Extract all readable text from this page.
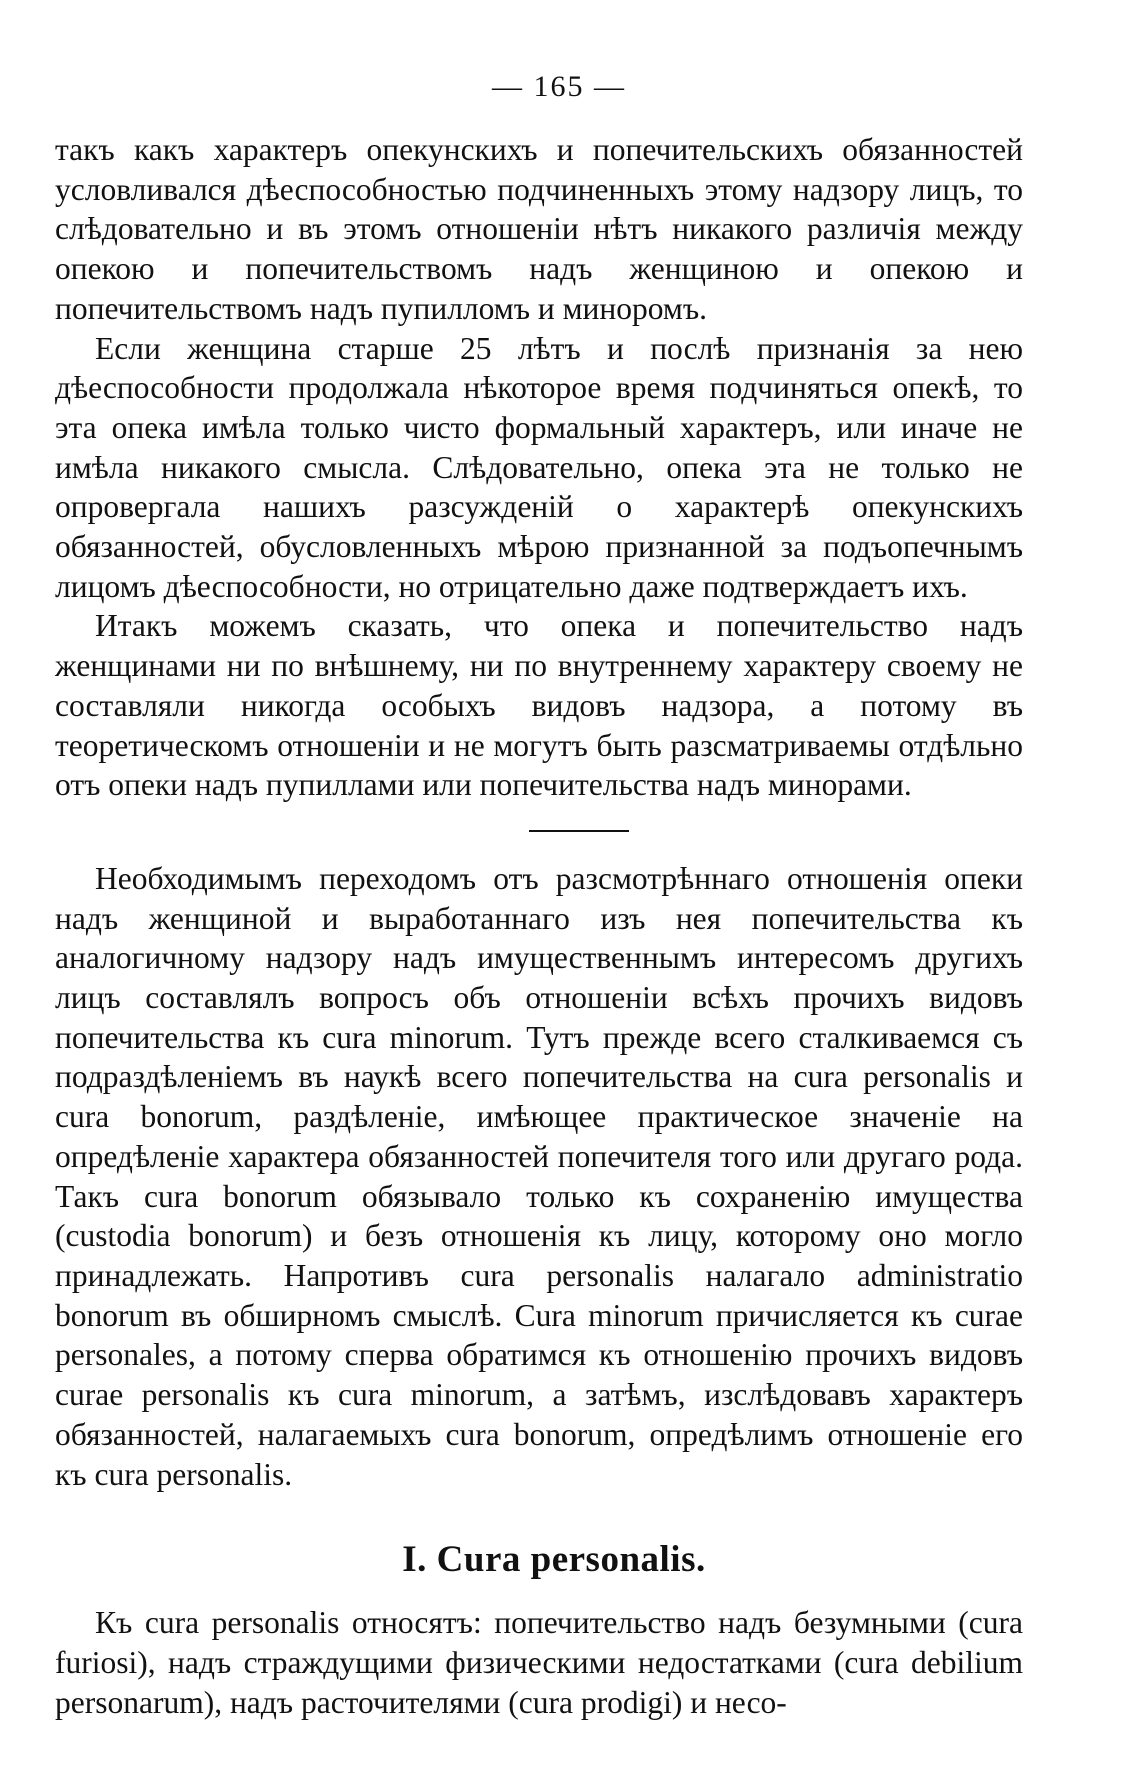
— 165 —

такъ какъ характеръ опекунскихъ и попечительскихъ обязанностей условливался дѣеспособностью подчиненныхъ этому надзору лицъ, то слѣдовательно и въ этомъ отношеніи нѣтъ никакого различія между опекою и попечительствомъ надъ женщиною и опекою и попечительствомъ надъ пупилломъ и миноромъ.

Если женщина старше 25 лѣтъ и послѣ признанія за нею дѣеспособности продолжала нѣкоторое время подчиняться опекѣ, то эта опека имѣла только чисто формальный характеръ, или иначе не имѣла никакого смысла. Слѣдовательно, опека эта не только не опровергала нашихъ разсужденій о характерѣ опекунскихъ обязанностей, обусловленныхъ мѣрою признанной за подъопечнымъ лицомъ дѣеспособности, но отрицательно даже подтверждаетъ ихъ.

Итакъ можемъ сказать, что опека и попечительство надъ женщинами ни по внѣшнему, ни по внутреннему характеру своему не составляли никогда особыхъ видовъ надзора, а потому въ теоретическомъ отношеніи и не могутъ быть разсматриваемы отдѣльно отъ опеки надъ пупиллами или попечительства надъ минорами.

Необходимымъ переходомъ отъ разсмотрѣннаго отношенія опеки надъ женщиной и выработаннаго изъ нея попечительства къ аналогичному надзору надъ имущественнымъ интересомъ другихъ лицъ составлялъ вопросъ объ отношеніи всѣхъ прочихъ видовъ попечительства къ cura minorum. Тутъ прежде всего сталкиваемся съ подраздѣленіемъ въ наукѣ всего попечительства на cura personalis и cura bonorum, раздѣленіе, имѣющее практическое значеніе на опредѣленіе характера обязанностей попечителя того или другаго рода. Такъ cura bonorum обязывало только къ сохраненію имущества (custodia bonorum) и безъ отношенія къ лицу, которому оно могло принадлежать. Напротивъ cura personalis налагало administratio bonorum въ обширномъ смыслѣ. Cura minorum причисляется къ curae personales, а потому сперва обратимся къ отношенію прочихъ видовъ curae personalis къ cura minorum, а затѣмъ, изслѣдовавъ характеръ обязанностей, налагаемыхъ cura bonorum, опредѣлимъ отношеніе его къ cura personalis.

I. Cura personalis.

Къ cura personalis относятъ: попечительство надъ безумными (cura furiosi), надъ страждущими физическими недостатками (cura debilium personarum), надъ расточителями (cura prodigi) и несо-
